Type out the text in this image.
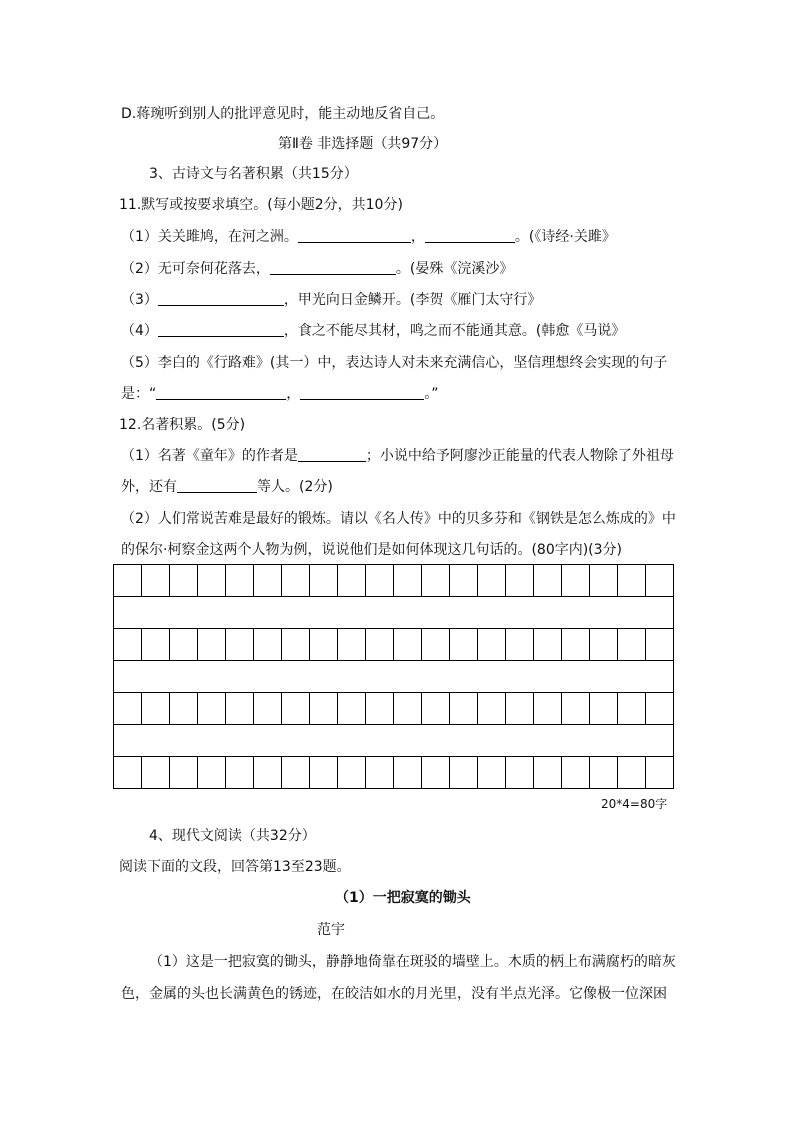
D.蒋琬听到别人的批评意见时，能主动地反省自己。
第Ⅱ卷 非选择题（共97分）
3、古诗文与名著积累（共15分）
11.默写或按要求填空。(每小题2分，共10分)
（1）关关雎鸠，在河之洲。	，	。(《诗经·关雎》
（2）无可奈何花落去，	。(晏殊《浣溪沙》
（3）	，甲光向日金鳞开。(李贺《雁门太守行》
（4）	，食之不能尽其材，鸣之而不能通其意。(韩愈《马说》
（5）李白的《行路难》(其一）中，表达诗人对未来充满信心，坚信理想终会实现的句子
是：“	，	。”
12.名著积累。(5分)
（1）名著《童年》的作者是	；小说中给予阿廖沙正能量的代表人物除了外祖母
外，还有	等人。(2分)
（2）人们常说苦难是最好的锻炼。请以《名人传》中的贝多芬和《钢铁是怎么炼成的》中
的保尔·柯察金这两个人物为例，说说他们是如何体现这几句话的。(80字内)(3分)
20*4=80字
4、现代文阅读（共32分）
阅读下面的文段，回答第13至23题。
（1）一把寂寞的锄头
范宇
（1）这是一把寂寞的锄头，静静地倚靠在斑驳的墙壁上。木质的柄上布满腐朽的暗灰
色，金属的头也长满黄色的锈迹，在皎洁如水的月光里，没有半点光泽。它像极一位深困
